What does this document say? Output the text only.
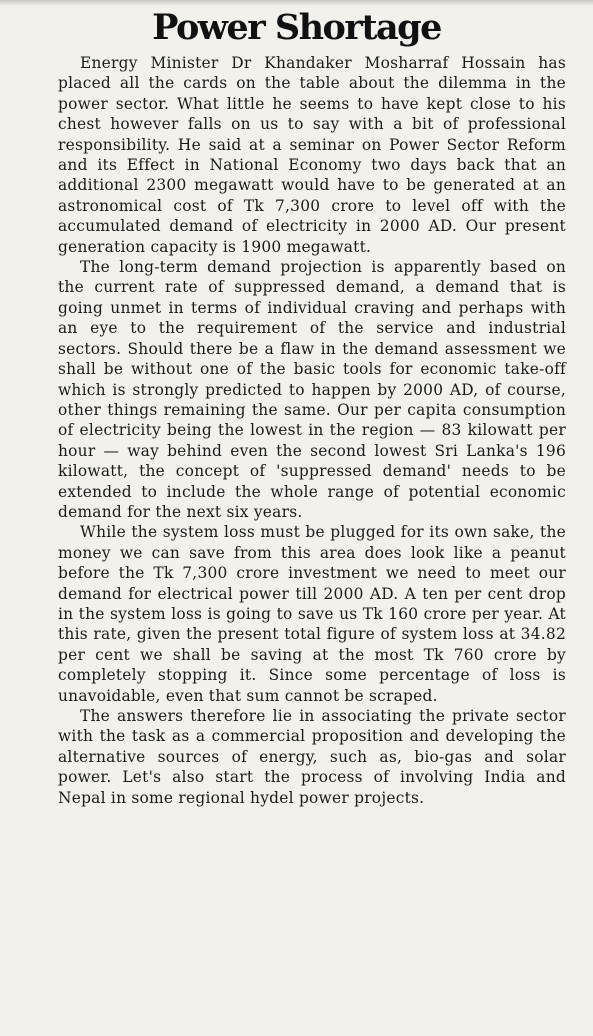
Power Shortage

Energy Minister Dr Khandaker Mosharraf Hossain has placed all the cards on the table about the dilemma in the power sector. What little he seems to have kept close to his chest however falls on us to say with a bit of professional responsibility. He said at a seminar on Power Sector Reform and its Effect in National Economy two days back that an additional 2300 megawatt would have to be generated at an astronomical cost of Tk 7,300 crore to level off with the accumulated demand of electricity in 2000 AD. Our present generation capacity is 1900 megawatt.

The long-term demand projection is apparently based on the current rate of suppressed demand, a demand that is going unmet in terms of individual craving and perhaps with an eye to the requirement of the service and industrial sectors. Should there be a flaw in the demand assessment we shall be without one of the basic tools for economic take-off which is strongly predicted to happen by 2000 AD, of course, other things remaining the same. Our per capita consumption of electricity being the lowest in the region — 83 kilowatt per hour — way behind even the second lowest Sri Lanka's 196 kilowatt, the concept of 'suppressed demand' needs to be extended to include the whole range of potential economic demand for the next six years.

While the system loss must be plugged for its own sake, the money we can save from this area does look like a peanut before the Tk 7,300 crore investment we need to meet our demand for electrical power till 2000 AD. A ten per cent drop in the system loss is going to save us Tk 160 crore per year. At this rate, given the present total figure of system loss at 34.82 per cent we shall be saving at the most Tk 760 crore by completely stopping it. Since some percentage of loss is unavoidable, even that sum cannot be scraped.

The answers therefore lie in associating the private sector with the task as a commercial proposition and developing the alternative sources of energy, such as, bio-gas and solar power. Let's also start the process of involving India and Nepal in some regional hydel power projects.
